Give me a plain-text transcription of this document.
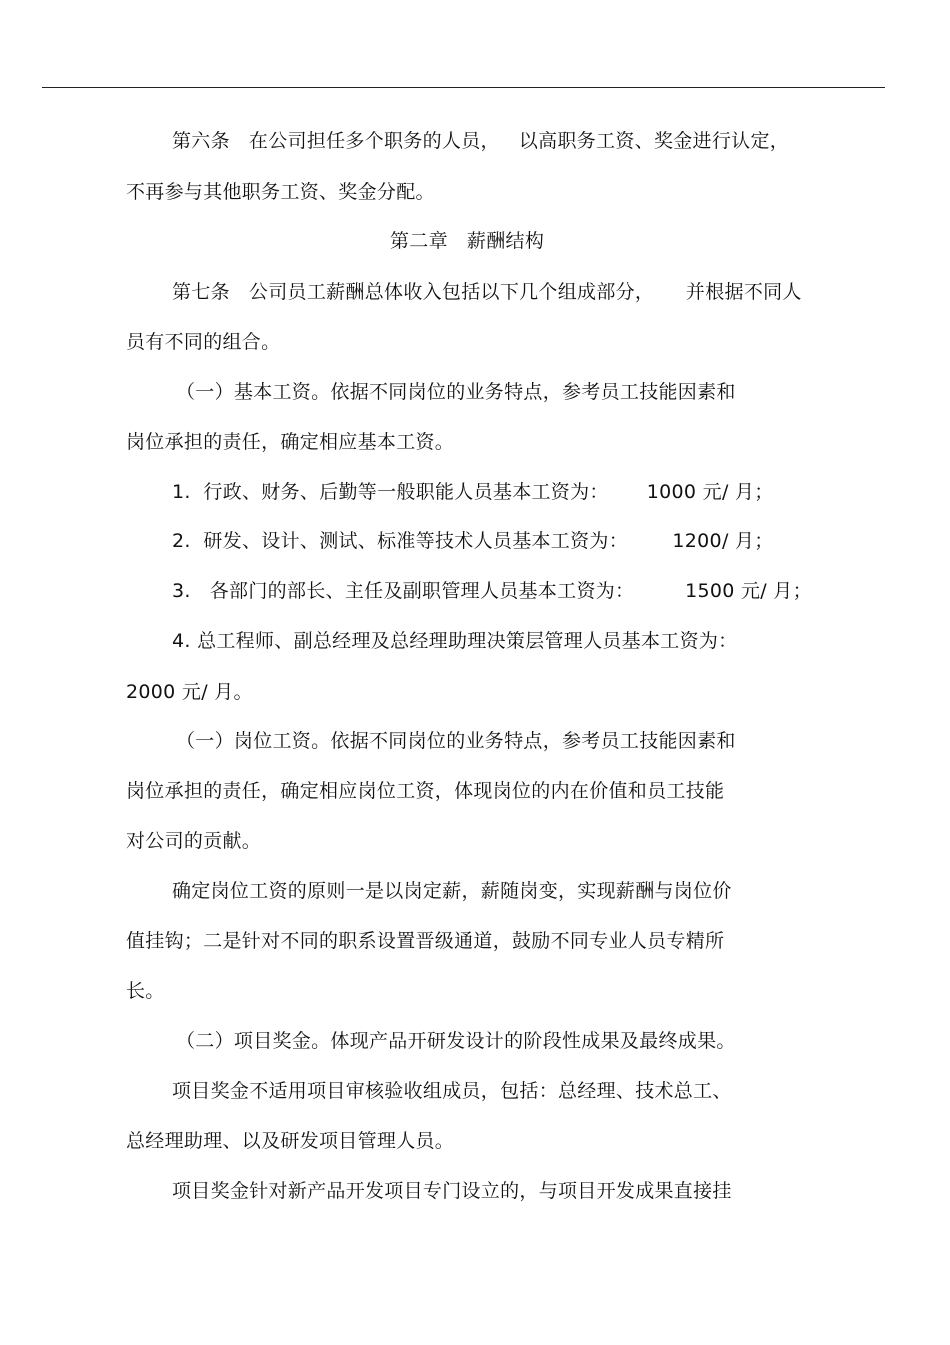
第六条   在公司担任多个职务的人员，   以高职务工资、奖金进行认定，
不再参与其他职务工资、奖金分配。
第二章   薪酬结构
第七条   公司员工薪酬总体收入包括以下几个组成部分，     并根据不同人
员有不同的组合。
（一）基本工资。依据不同岗位的业务特点，参考员工技能因素和
岗位承担的责任，确定相应基本工资。
1.  行政、财务、后勤等一般职能人员基本工资为：      1000 元/ 月；
2.  研发、设计、测试、标准等技术人员基本工资为：       1200/ 月；
3.   各部门的部长、主任及副职管理人员基本工资为：        1500 元/ 月；
4. 总工程师、副总经理及总经理助理决策层管理人员基本工资为：
2000 元/ 月。
（一）岗位工资。依据不同岗位的业务特点，参考员工技能因素和
岗位承担的责任，确定相应岗位工资，体现岗位的内在价值和员工技能
对公司的贡献。
确定岗位工资的原则一是以岗定薪，薪随岗变，实现薪酬与岗位价
值挂钩；二是针对不同的职系设置晋级通道，鼓励不同专业人员专精所
长。
（二）项目奖金。体现产品开研发设计的阶段性成果及最终成果。
项目奖金不适用项目审核验收组成员，包括：总经理、技术总工、
总经理助理、以及研发项目管理人员。
项目奖金针对新产品开发项目专门设立的，与项目开发成果直接挂
